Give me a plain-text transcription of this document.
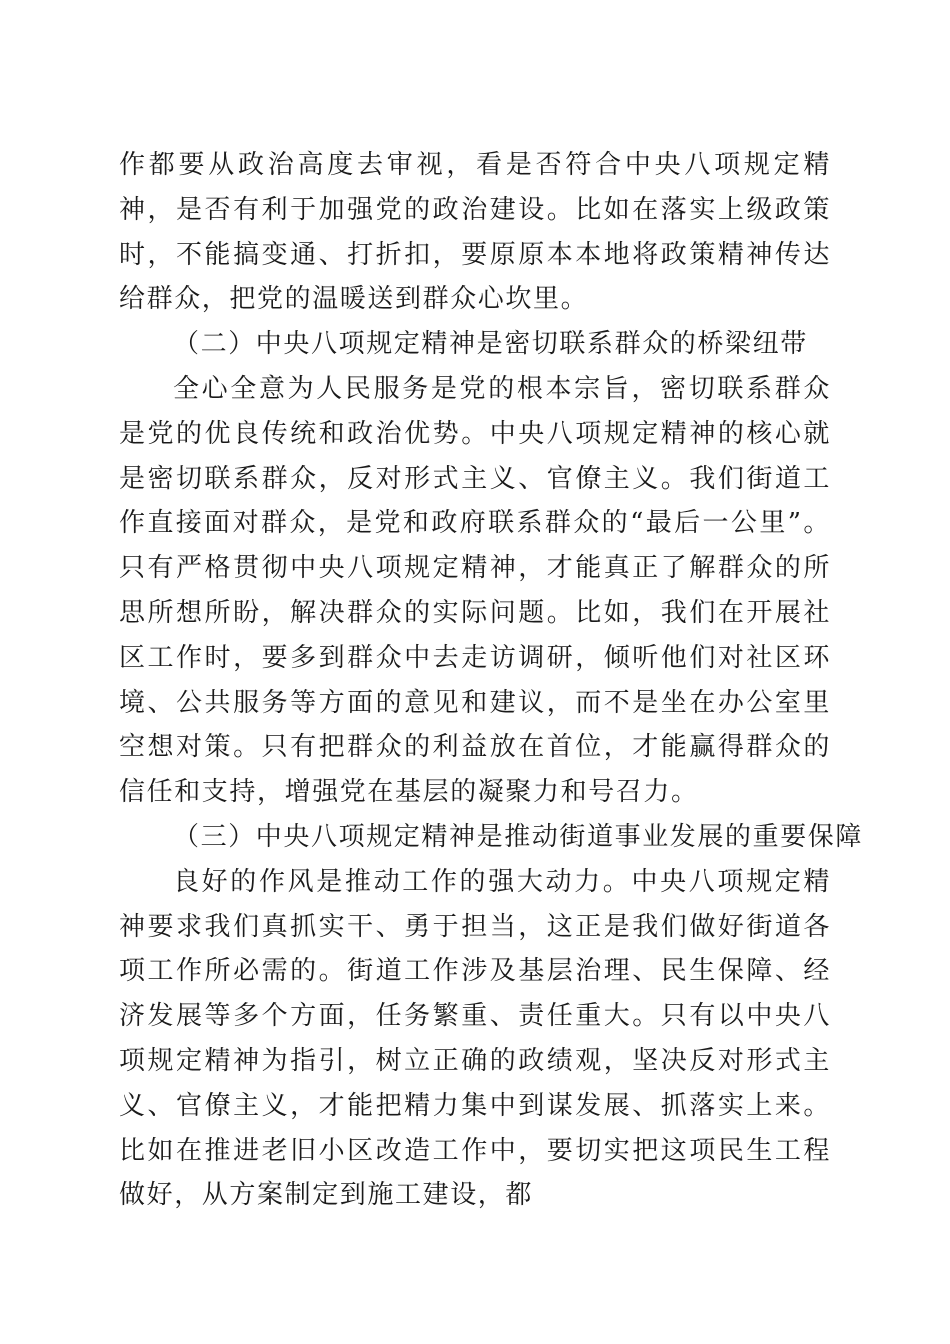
作都要从政治高度去审视，看是否符合中央八项规定精神，是否有利于加强党的政治建设。比如在落实上级政策时，不能搞变通、打折扣，要原原本本地将政策精神传达给群众，把党的温暖送到群众心坎里。

（二）中央八项规定精神是密切联系群众的桥梁纽带

全心全意为人民服务是党的根本宗旨，密切联系群众是党的优良传统和政治优势。中央八项规定精神的核心就是密切联系群众，反对形式主义、官僚主义。我们街道工作直接面对群众，是党和政府联系群众的“最后一公里”。只有严格贯彻中央八项规定精神，才能真正了解群众的所思所想所盼，解决群众的实际问题。比如，我们在开展社区工作时，要多到群众中去走访调研，倾听他们对社区环境、公共服务等方面的意见和建议，而不是坐在办公室里空想对策。只有把群众的利益放在首位，才能赢得群众的信任和支持，增强党在基层的凝聚力和号召力。

（三）中央八项规定精神是推动街道事业发展的重要保障

良好的作风是推动工作的强大动力。中央八项规定精神要求我们真抓实干、勇于担当，这正是我们做好街道各项工作所必需的。街道工作涉及基层治理、民生保障、经济发展等多个方面，任务繁重、责任重大。只有以中央八项规定精神为指引，树立正确的政绩观，坚决反对形式主义、官僚主义，才能把精力集中到谋发展、抓落实上来。比如在推进老旧小区改造工作中，要切实把这项民生工程做好，从方案制定到施工建设，都
